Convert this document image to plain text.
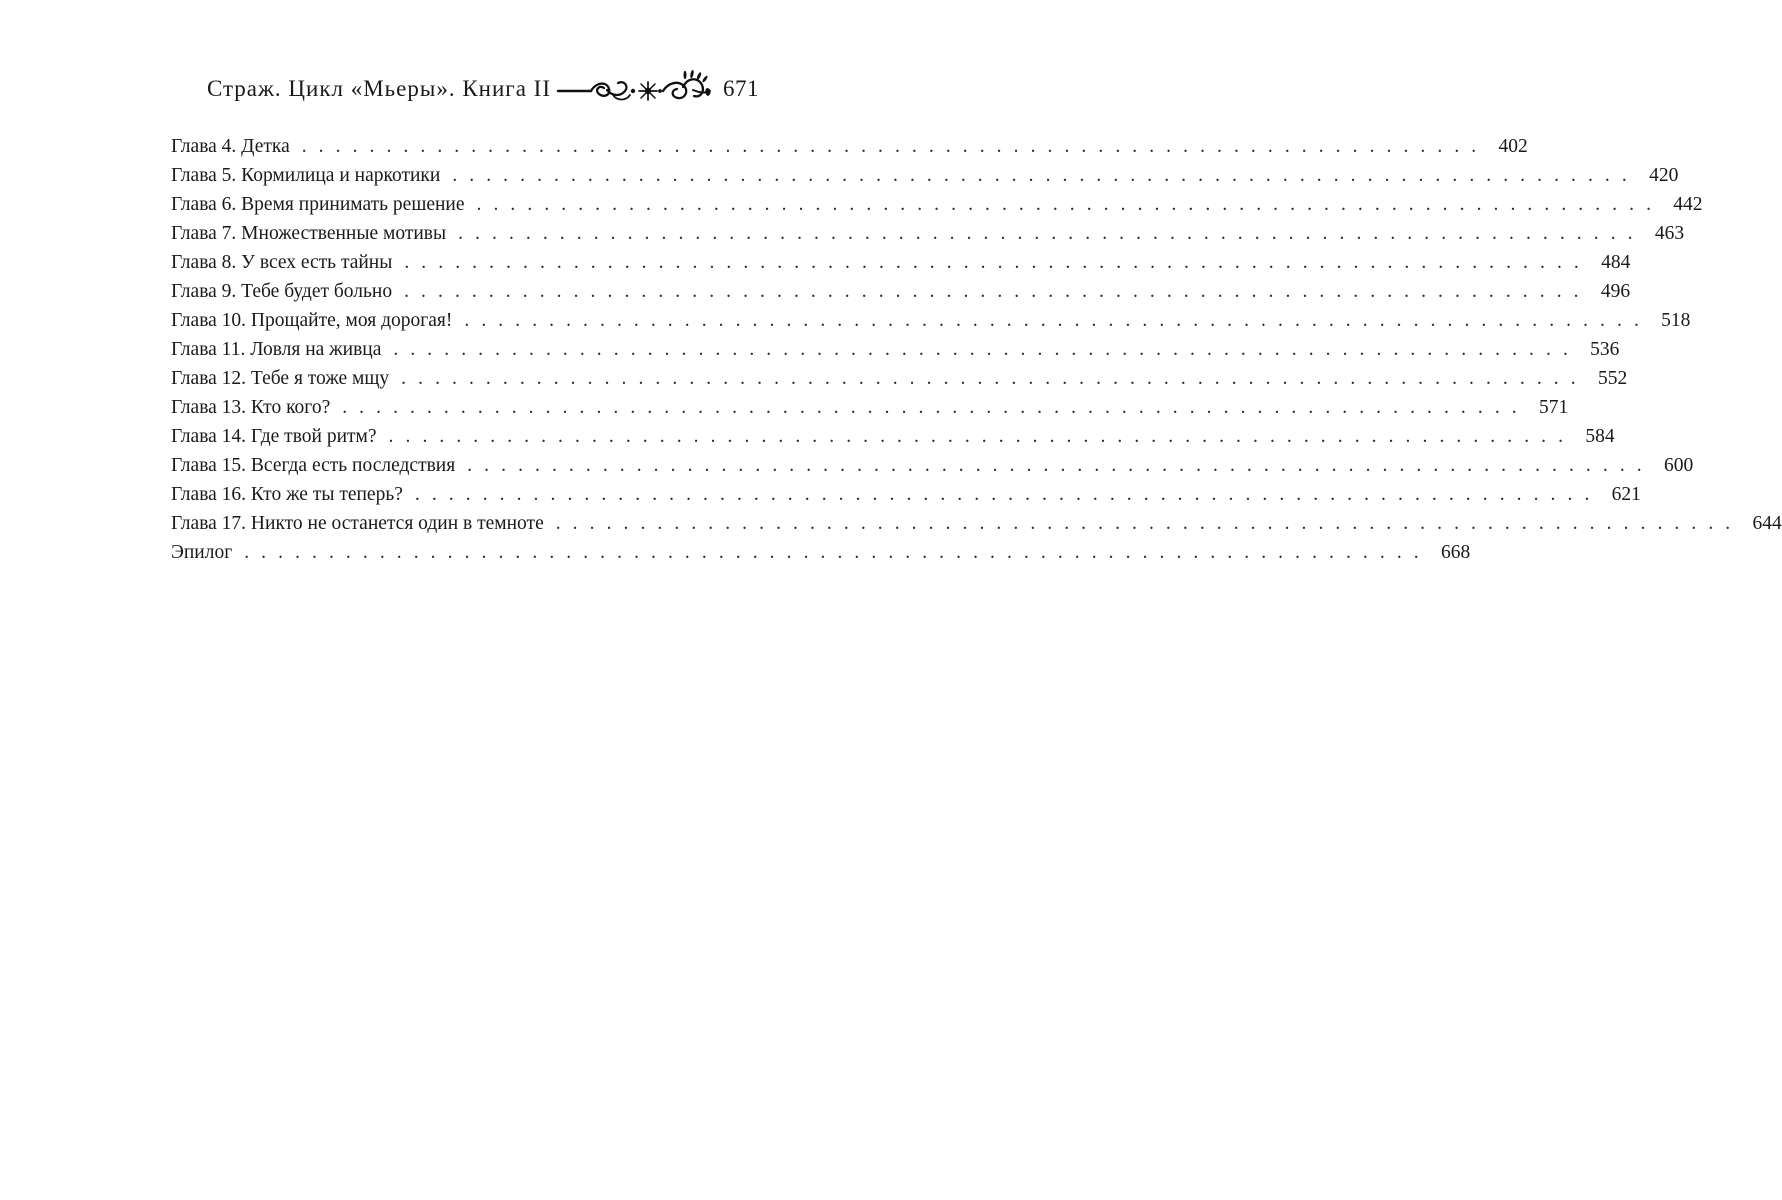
Страж. Цикл «Мьеры». Книга II	671
Глава 4. Детка . . . . . . . . . . . . . . . . . . . . . . . . . . . . . . . . . . . . . . . . . . . . . . . . . . . . . . . . . . . . . . . . . . . . . . 402
Глава 5. Кормилица и наркотики . . . . . . . . . . . . . . . . . . . . . . . . . . . . . . . . . . . . . . . . . . . . . . . . . . . . . . . . . . . . . . . . . . . . . . 420
Глава 6. Время принимать решение . . . . . . . . . . . . . . . . . . . . . . . . . . . . . . . . . . . . . . . . . . . . . . . . . . . . . . . . . . . . . . . . . . . . . . 442
Глава 7. Множественные мотивы . . . . . . . . . . . . . . . . . . . . . . . . . . . . . . . . . . . . . . . . . . . . . . . . . . . . . . . . . . . . . . . . . . . . . . 463
Глава 8. У всех есть тайны . . . . . . . . . . . . . . . . . . . . . . . . . . . . . . . . . . . . . . . . . . . . . . . . . . . . . . . . . . . . . . . . . . . . . . 484
Глава 9. Тебе будет больно . . . . . . . . . . . . . . . . . . . . . . . . . . . . . . . . . . . . . . . . . . . . . . . . . . . . . . . . . . . . . . . . . . . . . . 496
Глава 10. Прощайте, моя дорогая! . . . . . . . . . . . . . . . . . . . . . . . . . . . . . . . . . . . . . . . . . . . . . . . . . . . . . . . . . . . . . . . . . . . . . . 518
Глава 11. Ловля на живца . . . . . . . . . . . . . . . . . . . . . . . . . . . . . . . . . . . . . . . . . . . . . . . . . . . . . . . . . . . . . . . . . . . . . . 536
Глава 12. Тебе я тоже мщу . . . . . . . . . . . . . . . . . . . . . . . . . . . . . . . . . . . . . . . . . . . . . . . . . . . . . . . . . . . . . . . . . . . . . . 552
Глава 13. Кто кого? . . . . . . . . . . . . . . . . . . . . . . . . . . . . . . . . . . . . . . . . . . . . . . . . . . . . . . . . . . . . . . . . . . . . . . 571
Глава 14. Где твой ритм? . . . . . . . . . . . . . . . . . . . . . . . . . . . . . . . . . . . . . . . . . . . . . . . . . . . . . . . . . . . . . . . . . . . . . . 584
Глава 15. Всегда есть последствия . . . . . . . . . . . . . . . . . . . . . . . . . . . . . . . . . . . . . . . . . . . . . . . . . . . . . . . . . . . . . . . . . . . . . . 600
Глава 16. Кто же ты теперь? . . . . . . . . . . . . . . . . . . . . . . . . . . . . . . . . . . . . . . . . . . . . . . . . . . . . . . . . . . . . . . . . . . . . . . 621
Глава 17. Никто не останется один в темноте . . . . . . . . . . . . . . . . . . . . . . . . . . . . . . . . . . . . . . . . . . . . . . . . . . . . . . . . . . . . . . . . . . . . . . 644
Эпилог . . . . . . . . . . . . . . . . . . . . . . . . . . . . . . . . . . . . . . . . . . . . . . . . . . . . . . . . . . . . . . . . . . . . . . 668
